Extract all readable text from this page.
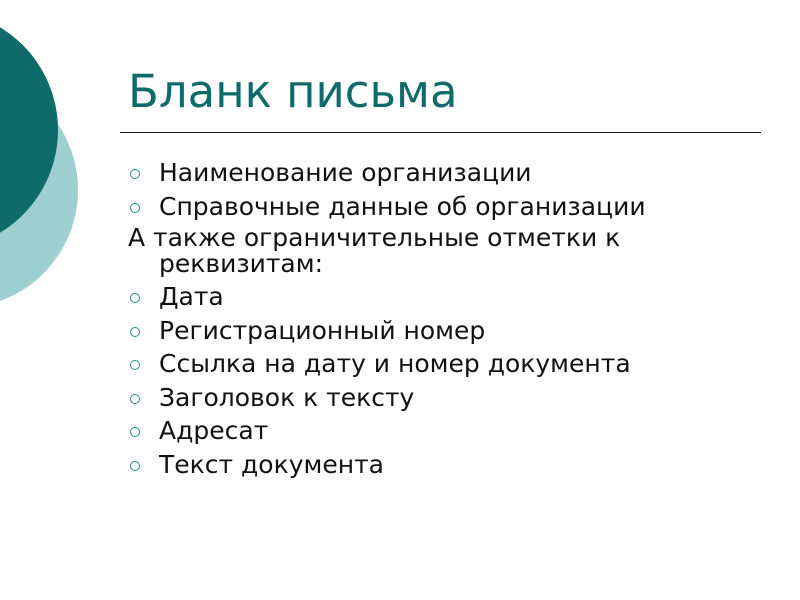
Бланк письма
Наименование организации
Справочные данные об организации
А также ограничительные отметки к реквизитам:
Дата
Регистрационный номер
Ссылка на дату и номер документа
Заголовок к тексту
Адресат
Текст документа
